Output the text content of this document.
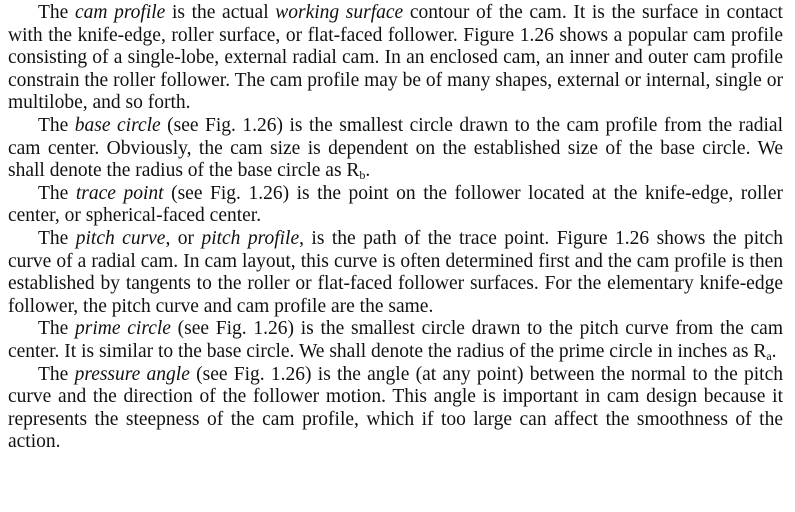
The cam profile is the actual working surface contour of the cam. It is the surface in contact with the knife-edge, roller surface, or flat-faced follower. Figure 1.26 shows a popular cam profile consisting of a single-lobe, external radial cam. In an enclosed cam, an inner and outer cam profile constrain the roller follower. The cam profile may be of many shapes, external or internal, single or multilobe, and so forth.

The base circle (see Fig. 1.26) is the smallest circle drawn to the cam profile from the radial cam center. Obviously, the cam size is dependent on the established size of the base circle. We shall denote the radius of the base circle as $R_b$.

The trace point (see Fig. 1.26) is the point on the follower located at the knife-edge, roller center, or spherical-faced center.

The pitch curve, or pitch profile, is the path of the trace point. Figure 1.26 shows the pitch curve of a radial cam. In cam layout, this curve is often determined first and the cam profile is then established by tangents to the roller or flat-faced follower surfaces. For the elementary knife-edge follower, the pitch curve and cam profile are the same.

The prime circle (see Fig. 1.26) is the smallest circle drawn to the pitch curve from the cam center. It is similar to the base circle. We shall denote the radius of the prime circle in inches as $R_a$.

The pressure angle (see Fig. 1.26) is the angle (at any point) between the normal to the pitch curve and the direction of the follower motion. This angle is important in cam design because it represents the steepness of the cam profile, which if too large can affect the smoothness of the action.
